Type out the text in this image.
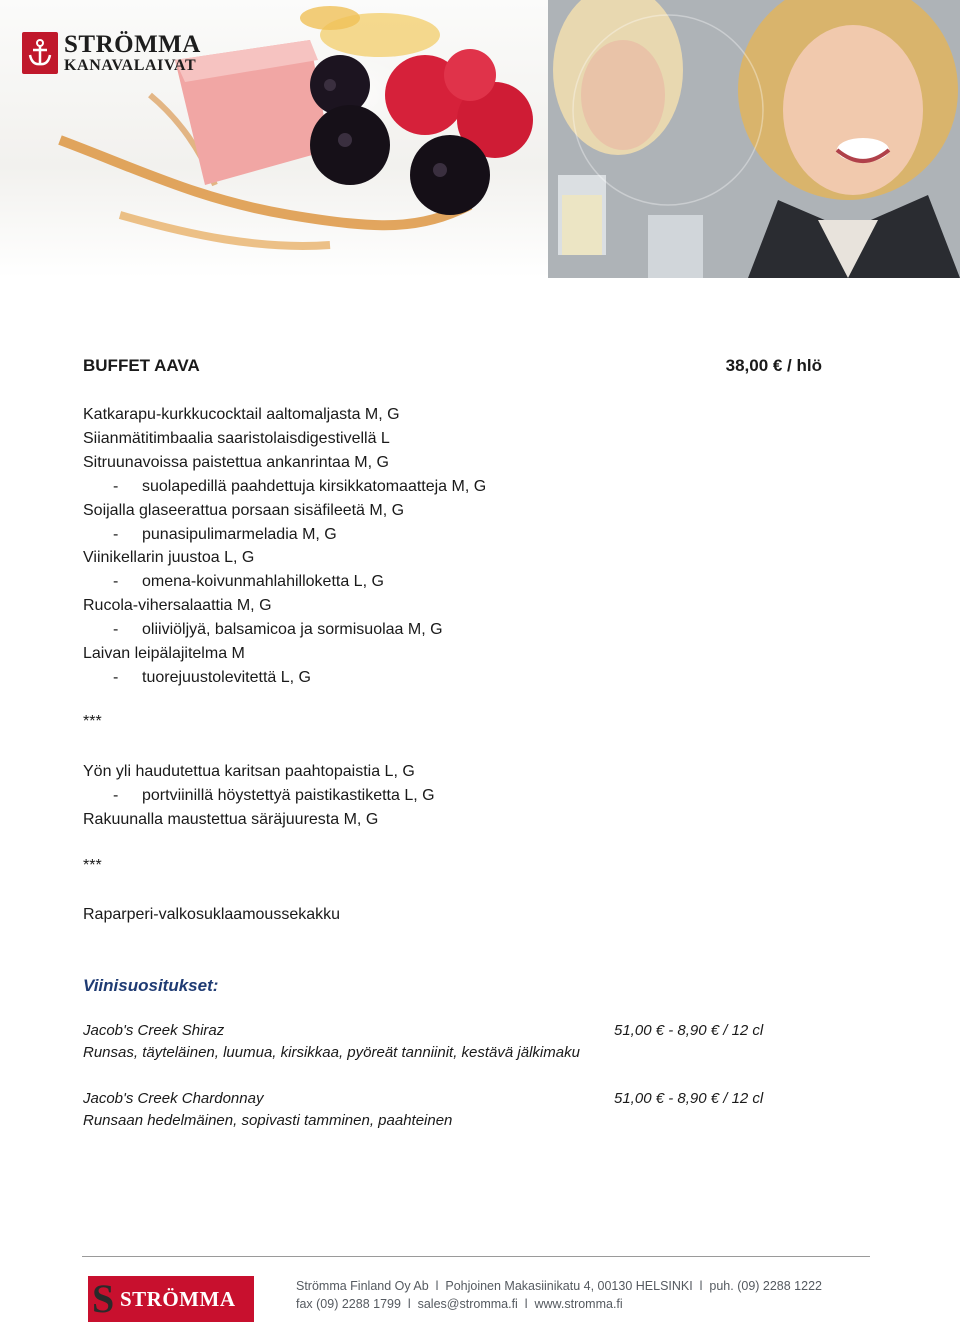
STRÖMMA
KANAVALAIVAT
BUFFET AAVA	38,00 € / hlö
Katkarapu-kurkkucocktail aaltomaljasta M, G
Siianmätitimbaalia saaristolaisdigestivellä L
Sitruunavoissa paistettua ankanrintaa M, G
- suolapedillä paahdettuja kirsikkatomaatteja M, G
Soijalla glaseerattua porsaan sisäfileetä M, G
- punasipulimarmeladia M, G
Viinikellarin juustoa L, G
- omena-koivunmahlahilloketta L, G
Rucola-vihersalaattia M, G
- oliiviöljyä, balsamicoa ja sormisuolaa M, G
Laivan leipälajitelma M
- tuorejuustolevitettä L, G
***
Yön yli haudutettua karitsan paahtopaistia L, G
- portviinillä höystettyä paistikastiketta L, G
Rakuunalla maustettua säräjuuresta M, G
***
Raparperi-valkosuklaamoussekakku
Viinisuositukset:
Jacob's Creek Shiraz	51,00 € - 8,90 € / 12 cl
Runsas, täyteläinen, luumua, kirsikkaa, pyöreät tanniinit, kestävä jälkimaku
Jacob's Creek Chardonnay	51,00 € - 8,90 € / 12 cl
Runsaan hedelmäinen, sopivasti tamminen, paahteinen
S STRÖMMA
Strömma Finland Oy Ab  l  Pohjoinen Makasiinikatu 4, 00130 HELSINKI  l  puh. (09) 2288 1222
fax (09) 2288 1799  l  sales@stromma.fi  l  www.stromma.fi
